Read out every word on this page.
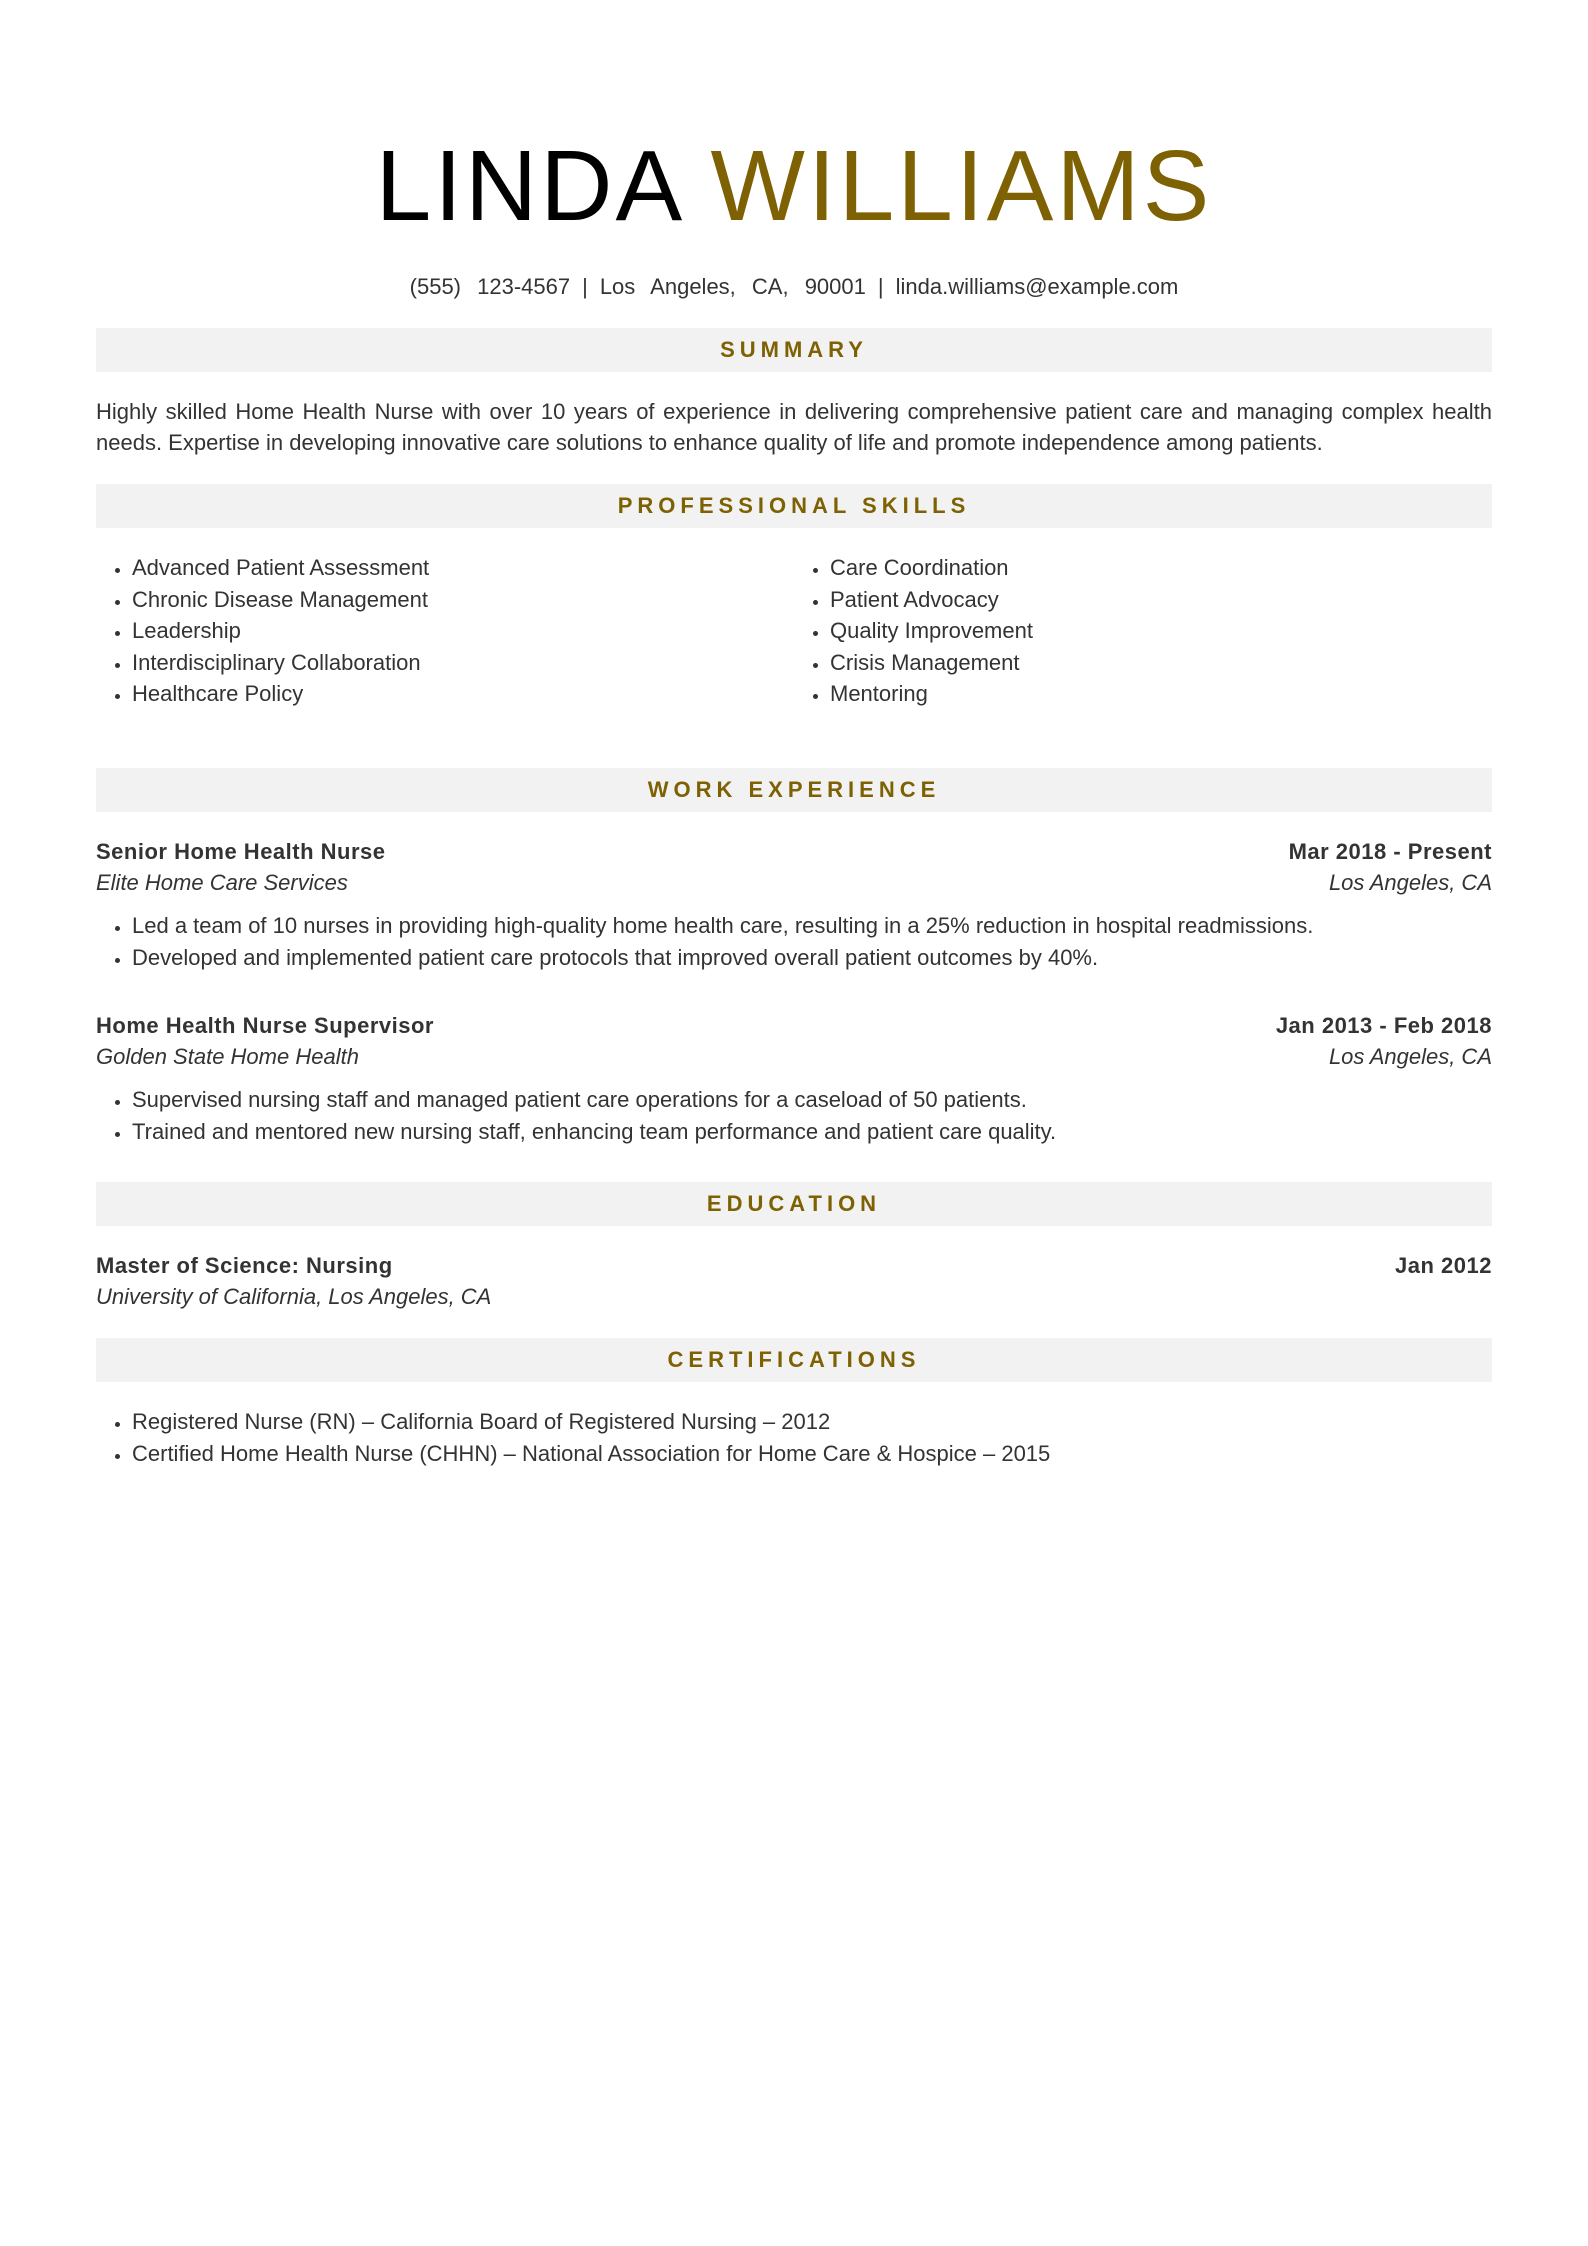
LINDA WILLIAMS
(555) 123-4567 | Los Angeles, CA, 90001 | linda.williams@example.com
SUMMARY

Highly skilled Home Health Nurse with over 10 years of experience in delivering comprehensive patient care and managing complex health needs. Expertise in developing innovative care solutions to enhance quality of life and promote independence among patients.

PROFESSIONAL SKILLS
• Advanced Patient Assessment
• Chronic Disease Management
• Leadership
• Interdisciplinary Collaboration
• Healthcare Policy
• Care Coordination
• Patient Advocacy
• Quality Improvement
• Crisis Management
• Mentoring
WORK EXPERIENCE
Senior Home Health Nurse	Mar 2018 - Present
Elite Home Care Services	Los Angeles, CA
• Led a team of 10 nurses in providing high-quality home health care, resulting in a 25% reduction in hospital readmissions.
• Developed and implemented patient care protocols that improved overall patient outcomes by 40%.
Home Health Nurse Supervisor	Jan 2013 - Feb 2018
Golden State Home Health	Los Angeles, CA
• Supervised nursing staff and managed patient care operations for a caseload of 50 patients.
• Trained and mentored new nursing staff, enhancing team performance and patient care quality.
EDUCATION
Master of Science: Nursing	Jan 2012
University of California, Los Angeles, CA
CERTIFICATIONS
• Registered Nurse (RN) – California Board of Registered Nursing – 2012
• Certified Home Health Nurse (CHHN) – National Association for Home Care & Hospice – 2015
